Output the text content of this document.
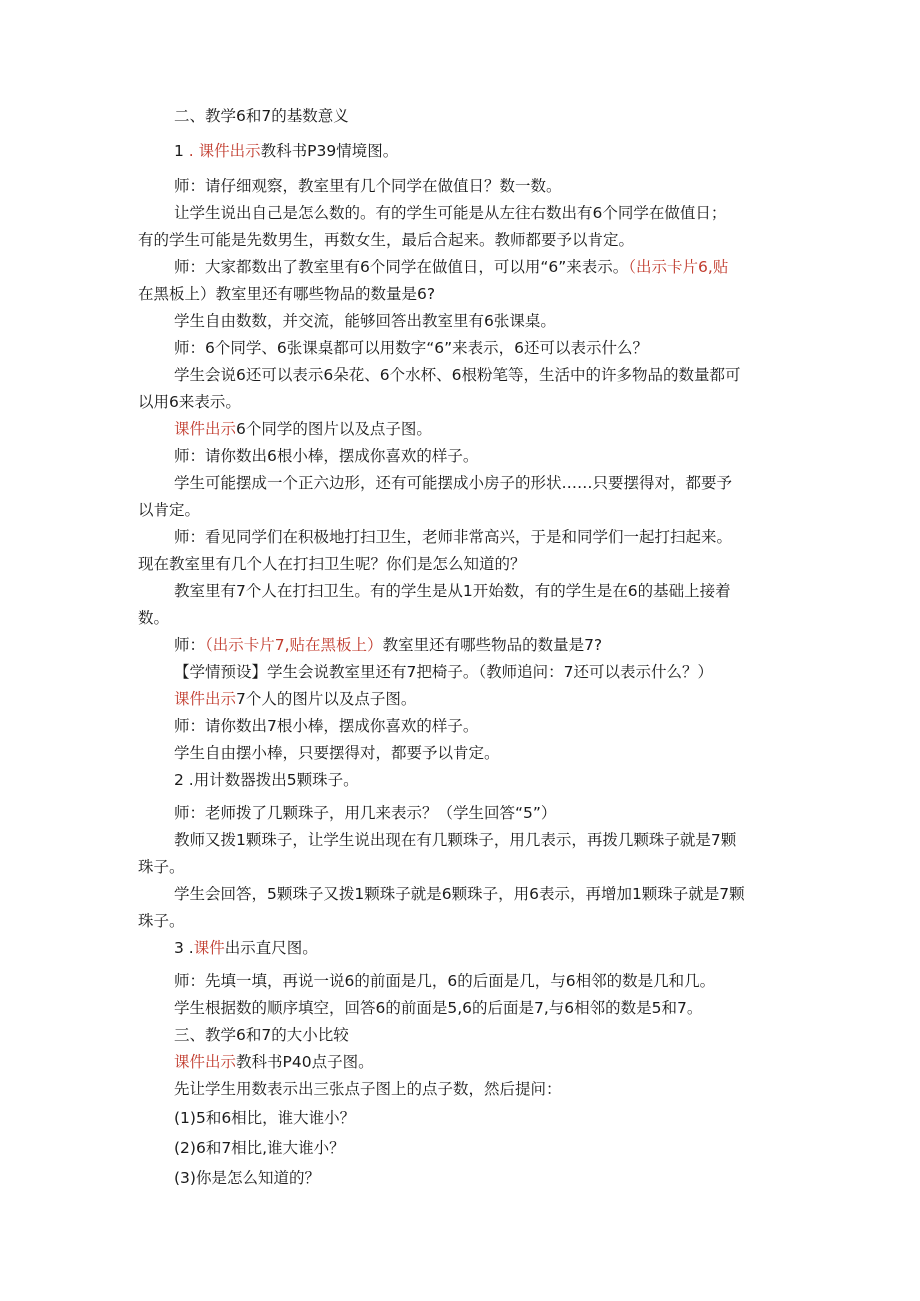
二、教学6和7的基数意义
1 . 课件出示教科书P39情境图。
师：请仔细观察，教室里有几个同学在做值日？数一数。
让学生说出自己是怎么数的。有的学生可能是从左往右数出有6个同学在做值日；
有的学生可能是先数男生，再数女生，最后合起来。教师都要予以肯定。
师：大家都数出了教室里有6个同学在做值日，可以用“6”来表示。（出示卡片6,贴
在黑板上）教室里还有哪些物品的数量是6?
学生自由数数，并交流，能够回答出教室里有6张课桌。
师：6个同学、6张课桌都可以用数字“6”来表示，6还可以表示什么？
学生会说6还可以表示6朵花、6个水杯、6根粉笔等，生活中的许多物品的数量都可
以用6来表示。
课件出示6个同学的图片以及点子图。
师：请你数出6根小棒，摆成你喜欢的样子。
学生可能摆成一个正六边形，还有可能摆成小房子的形状……只要摆得对，都要予
以肯定。
师：看见同学们在积极地打扫卫生，老师非常高兴，于是和同学们一起打扫起来。
现在教室里有几个人在打扫卫生呢？你们是怎么知道的？
教室里有7个人在打扫卫生。有的学生是从1开始数，有的学生是在6的基础上接着
数。
师：（出示卡片7,贴在黑板上）教室里还有哪些物品的数量是7?
【学情预设】学生会说教室里还有7把椅子。（教师追问：7还可以表示什么？）
课件出示7个人的图片以及点子图。
师：请你数出7根小棒，摆成你喜欢的样子。
学生自由摆小棒，只要摆得对，都要予以肯定。
2 .用计数器拨出5颗珠子。
师：老师拨了几颗珠子，用几来表示？（学生回答“5”）
教师又拨1颗珠子，让学生说出现在有几颗珠子，用几表示，再拨几颗珠子就是7颗
珠子。
学生会回答，5颗珠子又拨1颗珠子就是6颗珠子，用6表示，再增加1颗珠子就是7颗
珠子。
3 .课件出示直尺图。
师：先填一填，再说一说6的前面是几，6的后面是几，与6相邻的数是几和几。
学生根据数的顺序填空，回答6的前面是5,6的后面是7,与6相邻的数是5和7。
三、教学6和7的大小比较
课件出示教科书P40点子图。
先让学生用数表示出三张点子图上的点子数，然后提问：
(1)5和6相比，谁大谁小？
(2)6和7相比,谁大谁小？
(3)你是怎么知道的？
